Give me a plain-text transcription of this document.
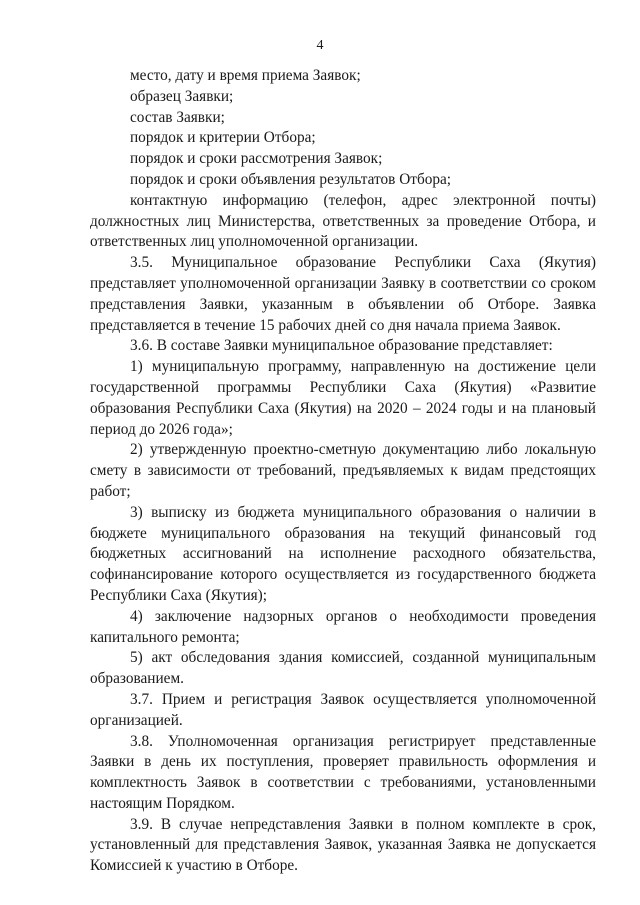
4

место, дату и время приема Заявок;

образец Заявки;

состав Заявки;

порядок и критерии Отбора;

порядок и сроки рассмотрения Заявок;

порядок и сроки объявления результатов Отбора;

контактную информацию (телефон, адрес электронной почты) должностных лиц Министерства, ответственных за проведение Отбора, и ответственных лиц уполномоченной организации.

3.5. Муниципальное образование Республики Саха (Якутия) представляет уполномоченной организации Заявку в соответствии со сроком представления Заявки, указанным в объявлении об Отборе. Заявка представляется в течение 15 рабочих дней со дня начала приема Заявок.

3.6. В составе Заявки муниципальное образование представляет:

1) муниципальную программу, направленную на достижение цели государственной программы Республики Саха (Якутия) «Развитие образования Республики Саха (Якутия) на 2020 – 2024 годы и на плановый период до 2026 года»;

2) утвержденную проектно-сметную документацию либо локальную смету в зависимости от требований, предъявляемых к видам предстоящих работ;

3) выписку из бюджета муниципального образования о наличии в бюджете муниципального образования на текущий финансовый год бюджетных ассигнований на исполнение расходного обязательства, софинансирование которого осуществляется из государственного бюджета Республики Саха (Якутия);

4) заключение надзорных органов о необходимости проведения капитального ремонта;

5) акт обследования здания комиссией, созданной муниципальным образованием.

3.7. Прием и регистрация Заявок осуществляется уполномоченной организацией.

3.8. Уполномоченная организация регистрирует представленные Заявки в день их поступления, проверяет правильность оформления и комплектность Заявок в соответствии с требованиями, установленными настоящим Порядком.

3.9. В случае непредставления Заявки в полном комплекте в срок, установленный для представления Заявок, указанная Заявка не допускается Комиссией к участию в Отборе.
